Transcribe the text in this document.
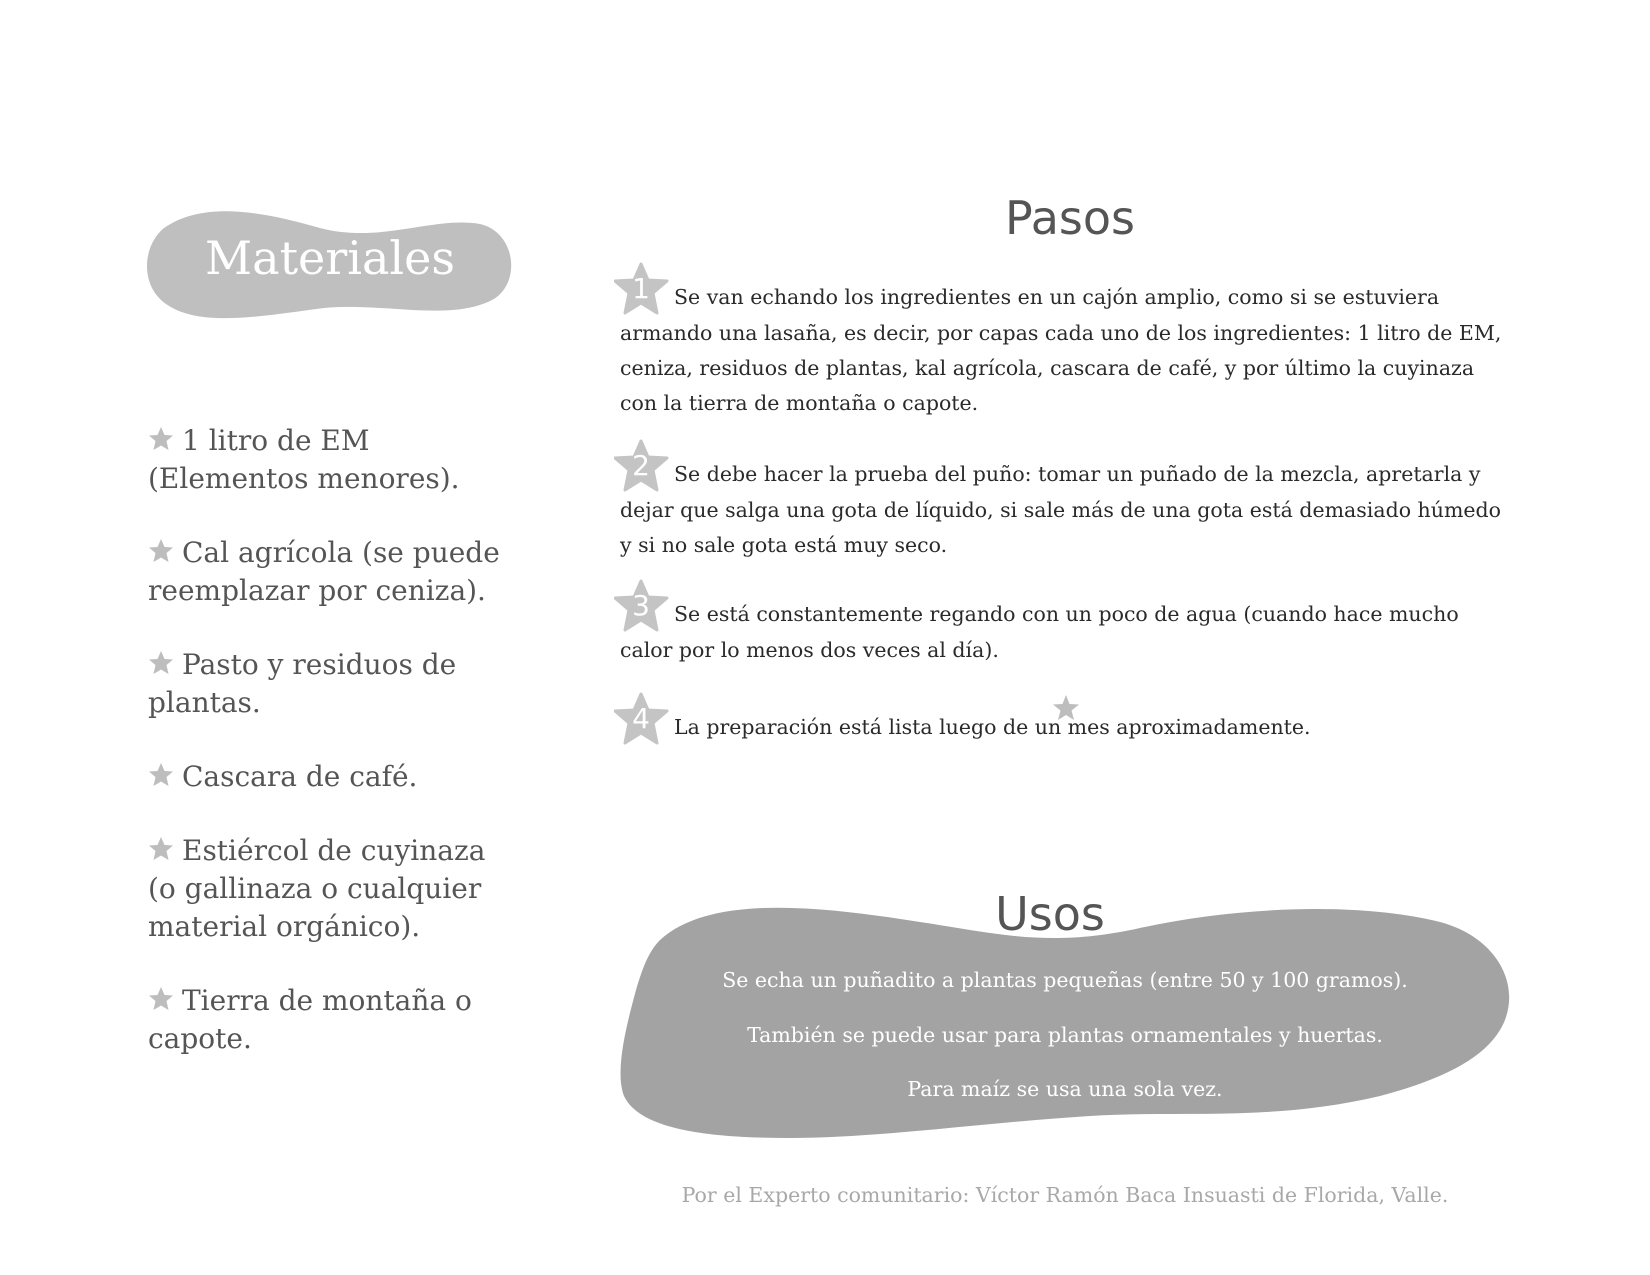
Materiales
1 litro de EM
(Elementos menores).
Cal agrícola (se puede
reemplazar por ceniza).
Pasto y residuos de
plantas.
Cascara de café.
Estiércol de cuyinaza
(o gallinaza o cualquier
material orgánico).
Tierra de montaña o
capote.
Pasos
1	Se van echando los ingredientes en un cajón amplio, como si se estuviera
armando una lasaña, es decir, por capas cada uno de los ingredientes: 1 litro de EM,
ceniza, residuos de plantas, kal agrícola, cascara de café, y por último la cuyinaza
con la tierra de montaña o capote.
2	Se debe hacer la prueba del puño: tomar un puñado de la mezcla, apretarla y
dejar que salga una gota de líquido, si sale más de una gota está demasiado húmedo
y si no sale gota está muy seco.
3	Se está constantemente regando con un poco de agua (cuando hace mucho
calor por lo menos dos veces al día).
4	La preparación está lista luego de un mes aproximadamente.
Usos
Se echa un puñadito a plantas pequeñas (entre 50 y 100 gramos).
También se puede usar para plantas ornamentales y huertas.
Para maíz se usa una sola vez.
Por el Experto comunitario: Víctor Ramón Baca Insuasti de Florida, Valle.
